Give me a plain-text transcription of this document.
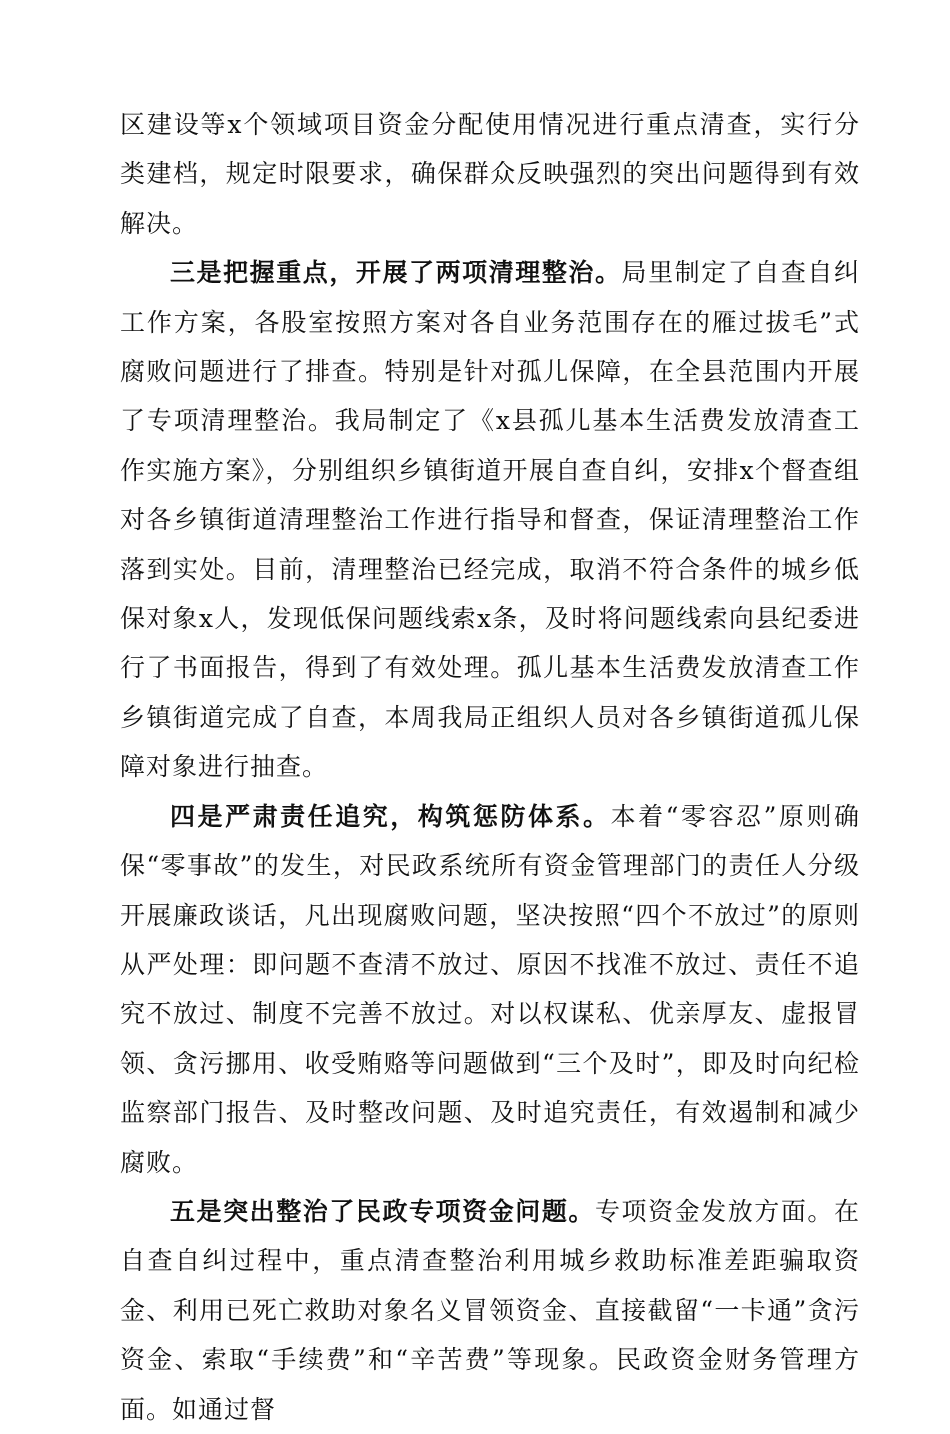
区建设等x个领域项目资金分配使用情况进行重点清查，实行分类建档，规定时限要求，确保群众反映强烈的突出问题得到有效解决。

三是把握重点，开展了两项清理整治。局里制定了自查自纠工作方案，各股室按照方案对各自业务范围存在的雁过拔毛”式腐败问题进行了排查。特别是针对孤儿保障，在全县范围内开展了专项清理整治。我局制定了《x县孤儿基本生活费发放清查工作实施方案》，分别组织乡镇街道开展自查自纠，安排x个督查组对各乡镇街道清理整治工作进行指导和督查，保证清理整治工作落到实处。目前，清理整治已经完成，取消不符合条件的城乡低保对象x人，发现低保问题线索x条，及时将问题线索向县纪委进行了书面报告，得到了有效处理。孤儿基本生活费发放清查工作乡镇街道完成了自查，本周我局正组织人员对各乡镇街道孤儿保障对象进行抽查。

四是严肃责任追究，构筑惩防体系。本着“零容忍”原则确保“零事故”的发生，对民政系统所有资金管理部门的责任人分级开展廉政谈话，凡出现腐败问题，坚决按照“四个不放过”的原则从严处理：即问题不查清不放过、原因不找准不放过、责任不追究不放过、制度不完善不放过。对以权谋私、优亲厚友、虚报冒领、贪污挪用、收受贿赂等问题做到“三个及时”，即及时向纪检监察部门报告、及时整改问题、及时追究责任，有效遏制和减少腐败。

五是突出整治了民政专项资金问题。专项资金发放方面。在自查自纠过程中，重点清查整治利用城乡救助标准差距骗取资金、利用已死亡救助对象名义冒领资金、直接截留“一卡通”贪污资金、索取“手续费”和“辛苦费”等现象。民政资金财务管理方面。如通过督
